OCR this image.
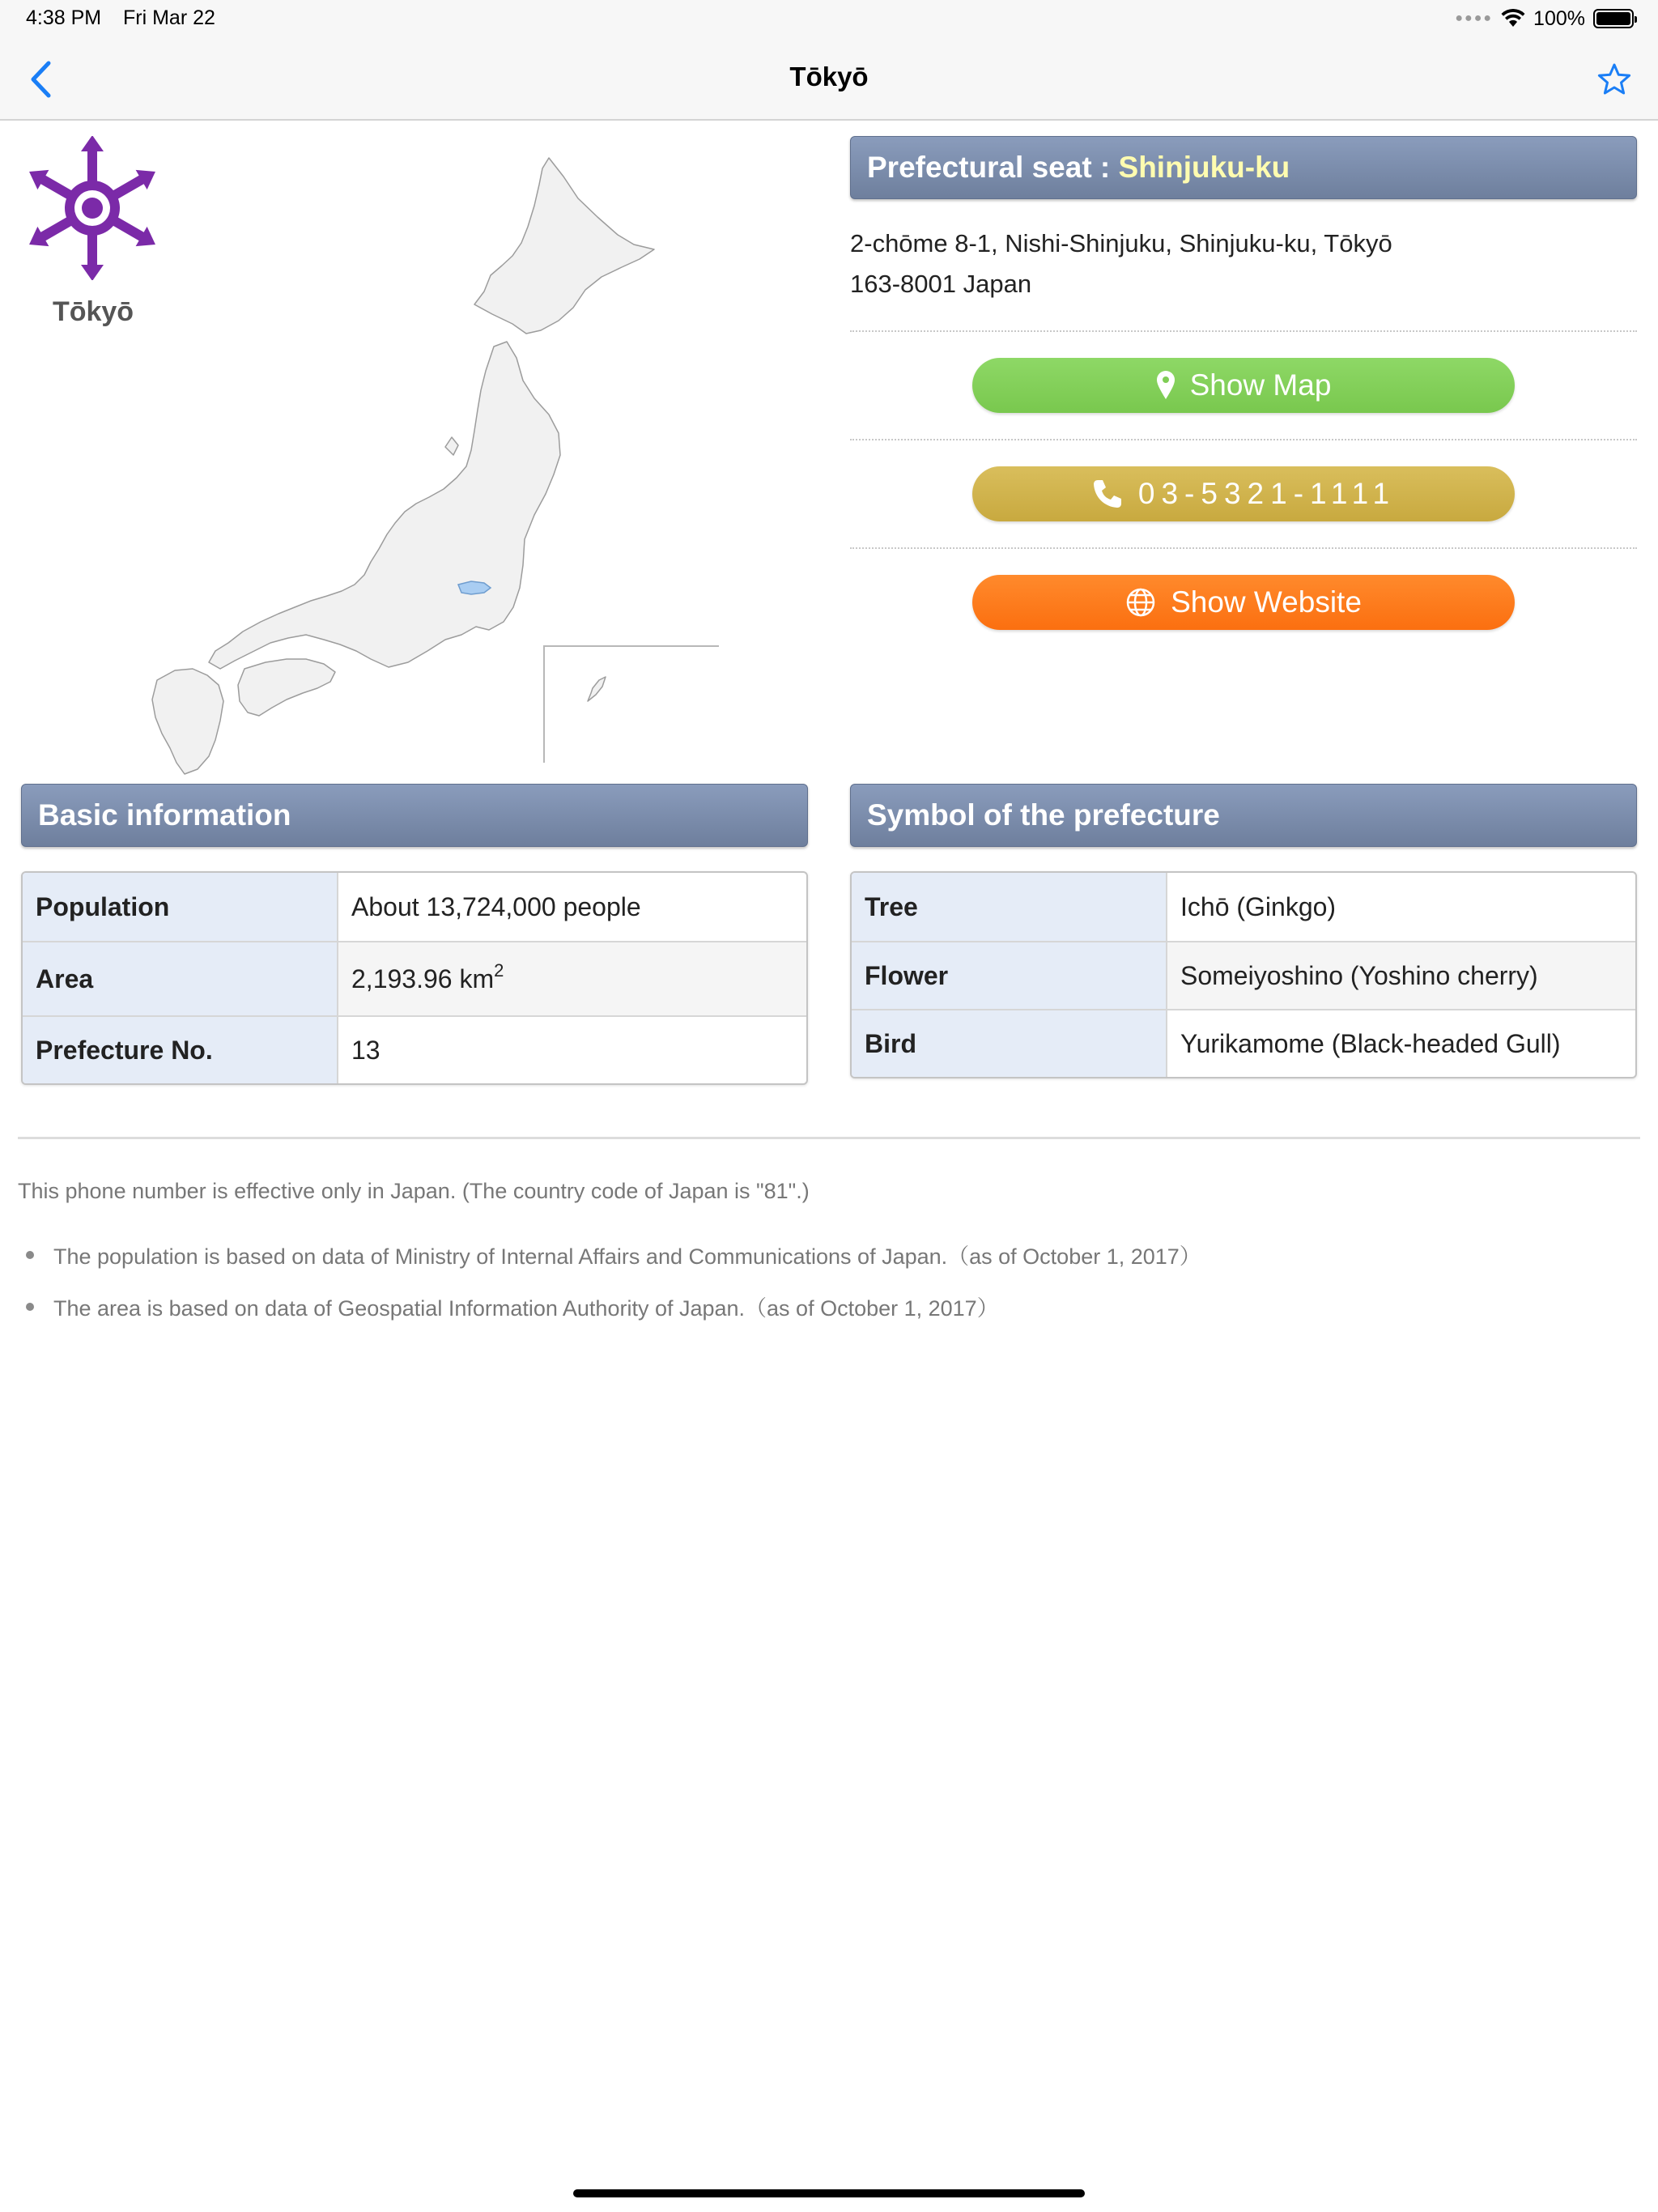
4:38 PM Fri Mar 22	●●●● 100%
Tōkyō
Tōkyō
Prefectural seat : Shinjuku-ku
2-chōme 8-1, Nishi-Shinjuku, Shinjuku-ku, Tōkyō
163-8001 Japan
Show Map
03-5321-1111
Show Website
Basic information
Population	About 13,724,000 people
Area	2,193.96 $km^2$
Prefecture No.	13
Symbol of the prefecture
Tree	Ichō (Ginkgo)
Flower	Someiyoshino (Yoshino cherry)
Bird	Yurikamome (Black-headed Gull)
This phone number is effective only in Japan. (The country code of Japan is "81".)
The population is based on data of Ministry of Internal Affairs and Communications of Japan.（as of October 1, 2017）
The area is based on data of Geospatial Information Authority of Japan.（as of October 1, 2017）
